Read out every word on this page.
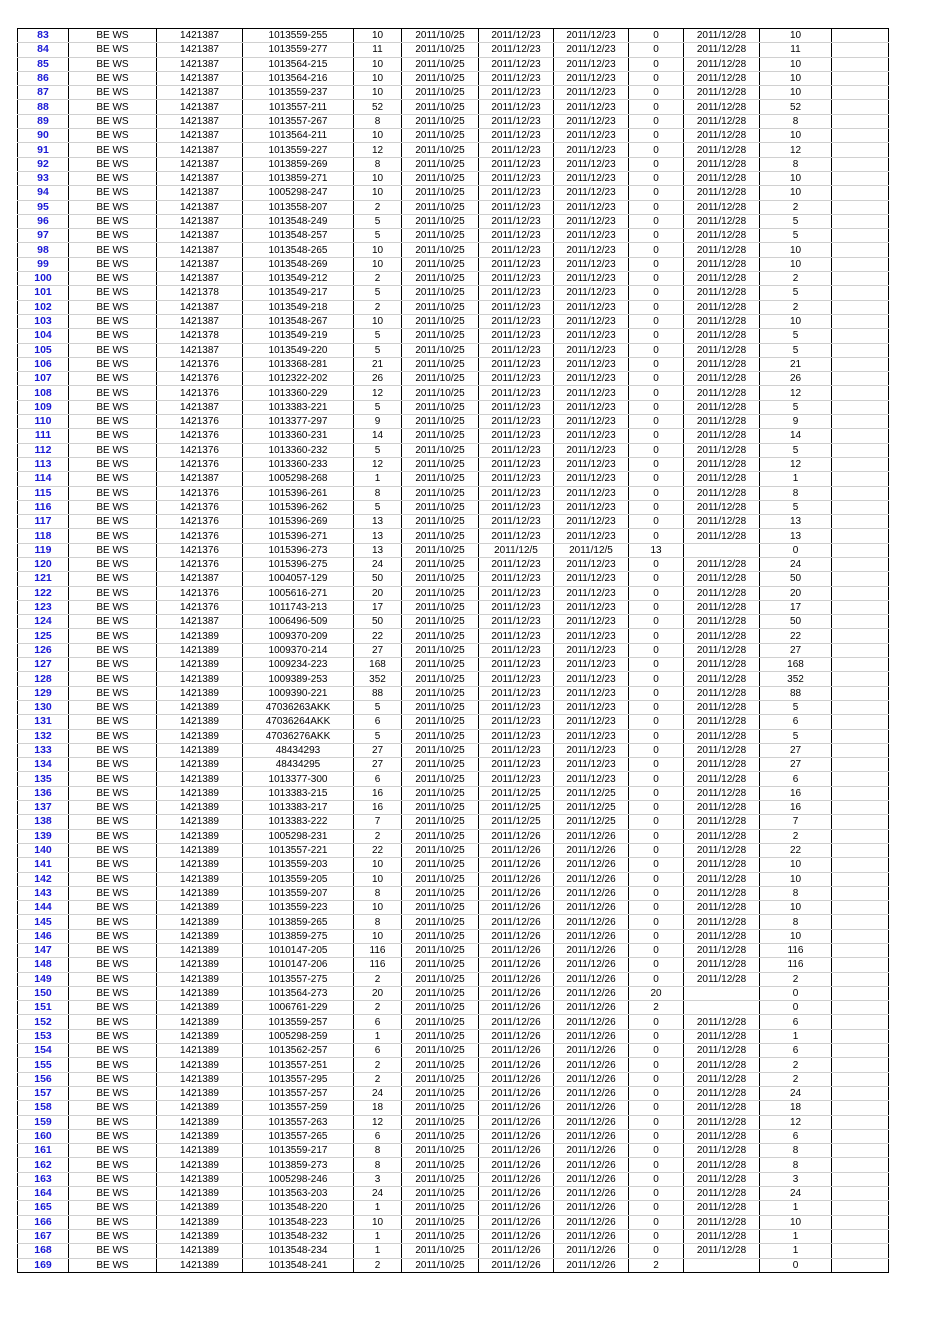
83	BE WS	1421387	1013559-255	10	2011/10/25	2011/12/23	2011/12/23	0	2011/12/28	10	
84	BE WS	1421387	1013559-277	11	2011/10/25	2011/12/23	2011/12/23	0	2011/12/28	11	
85	BE WS	1421387	1013564-215	10	2011/10/25	2011/12/23	2011/12/23	0	2011/12/28	10	
86	BE WS	1421387	1013564-216	10	2011/10/25	2011/12/23	2011/12/23	0	2011/12/28	10	
87	BE WS	1421387	1013559-237	10	2011/10/25	2011/12/23	2011/12/23	0	2011/12/28	10	
88	BE WS	1421387	1013557-211	52	2011/10/25	2011/12/23	2011/12/23	0	2011/12/28	52	
89	BE WS	1421387	1013557-267	8	2011/10/25	2011/12/23	2011/12/23	0	2011/12/28	8	
90	BE WS	1421387	1013564-211	10	2011/10/25	2011/12/23	2011/12/23	0	2011/12/28	10	
91	BE WS	1421387	1013559-227	12	2011/10/25	2011/12/23	2011/12/23	0	2011/12/28	12	
92	BE WS	1421387	1013859-269	8	2011/10/25	2011/12/23	2011/12/23	0	2011/12/28	8	
93	BE WS	1421387	1013859-271	10	2011/10/25	2011/12/23	2011/12/23	0	2011/12/28	10	
94	BE WS	1421387	1005298-247	10	2011/10/25	2011/12/23	2011/12/23	0	2011/12/28	10	
95	BE WS	1421387	1013558-207	2	2011/10/25	2011/12/23	2011/12/23	0	2011/12/28	2	
96	BE WS	1421387	1013548-249	5	2011/10/25	2011/12/23	2011/12/23	0	2011/12/28	5	
97	BE WS	1421387	1013548-257	5	2011/10/25	2011/12/23	2011/12/23	0	2011/12/28	5	
98	BE WS	1421387	1013548-265	10	2011/10/25	2011/12/23	2011/12/23	0	2011/12/28	10	
99	BE WS	1421387	1013548-269	10	2011/10/25	2011/12/23	2011/12/23	0	2011/12/28	10	
100	BE WS	1421387	1013549-212	2	2011/10/25	2011/12/23	2011/12/23	0	2011/12/28	2	
101	BE WS	1421378	1013549-217	5	2011/10/25	2011/12/23	2011/12/23	0	2011/12/28	5	
102	BE WS	1421387	1013549-218	2	2011/10/25	2011/12/23	2011/12/23	0	2011/12/28	2	
103	BE WS	1421387	1013548-267	10	2011/10/25	2011/12/23	2011/12/23	0	2011/12/28	10	
104	BE WS	1421378	1013549-219	5	2011/10/25	2011/12/23	2011/12/23	0	2011/12/28	5	
105	BE WS	1421387	1013549-220	5	2011/10/25	2011/12/23	2011/12/23	0	2011/12/28	5	
106	BE WS	1421376	1013368-281	21	2011/10/25	2011/12/23	2011/12/23	0	2011/12/28	21	
107	BE WS	1421376	1012322-202	26	2011/10/25	2011/12/23	2011/12/23	0	2011/12/28	26	
108	BE WS	1421376	1013360-229	12	2011/10/25	2011/12/23	2011/12/23	0	2011/12/28	12	
109	BE WS	1421387	1013383-221	5	2011/10/25	2011/12/23	2011/12/23	0	2011/12/28	5	
110	BE WS	1421376	1013377-297	9	2011/10/25	2011/12/23	2011/12/23	0	2011/12/28	9	
111	BE WS	1421376	1013360-231	14	2011/10/25	2011/12/23	2011/12/23	0	2011/12/28	14	
112	BE WS	1421376	1013360-232	5	2011/10/25	2011/12/23	2011/12/23	0	2011/12/28	5	
113	BE WS	1421376	1013360-233	12	2011/10/25	2011/12/23	2011/12/23	0	2011/12/28	12	
114	BE WS	1421387	1005298-268	1	2011/10/25	2011/12/23	2011/12/23	0	2011/12/28	1	
115	BE WS	1421376	1015396-261	8	2011/10/25	2011/12/23	2011/12/23	0	2011/12/28	8	
116	BE WS	1421376	1015396-262	5	2011/10/25	2011/12/23	2011/12/23	0	2011/12/28	5	
117	BE WS	1421376	1015396-269	13	2011/10/25	2011/12/23	2011/12/23	0	2011/12/28	13	
118	BE WS	1421376	1015396-271	13	2011/10/25	2011/12/23	2011/12/23	0	2011/12/28	13	
119	BE WS	1421376	1015396-273	13	2011/10/25	2011/12/5	2011/12/5	13		0	
120	BE WS	1421376	1015396-275	24	2011/10/25	2011/12/23	2011/12/23	0	2011/12/28	24	
121	BE WS	1421387	1004057-129	50	2011/10/25	2011/12/23	2011/12/23	0	2011/12/28	50	
122	BE WS	1421376	1005616-271	20	2011/10/25	2011/12/23	2011/12/23	0	2011/12/28	20	
123	BE WS	1421376	1011743-213	17	2011/10/25	2011/12/23	2011/12/23	0	2011/12/28	17	
124	BE WS	1421387	1006496-509	50	2011/10/25	2011/12/23	2011/12/23	0	2011/12/28	50	
125	BE WS	1421389	1009370-209	22	2011/10/25	2011/12/23	2011/12/23	0	2011/12/28	22	
126	BE WS	1421389	1009370-214	27	2011/10/25	2011/12/23	2011/12/23	0	2011/12/28	27	
127	BE WS	1421389	1009234-223	168	2011/10/25	2011/12/23	2011/12/23	0	2011/12/28	168	
128	BE WS	1421389	1009389-253	352	2011/10/25	2011/12/23	2011/12/23	0	2011/12/28	352	
129	BE WS	1421389	1009390-221	88	2011/10/25	2011/12/23	2011/12/23	0	2011/12/28	88	
130	BE WS	1421389	47036263AKK	5	2011/10/25	2011/12/23	2011/12/23	0	2011/12/28	5	
131	BE WS	1421389	47036264AKK	6	2011/10/25	2011/12/23	2011/12/23	0	2011/12/28	6	
132	BE WS	1421389	47036276AKK	5	2011/10/25	2011/12/23	2011/12/23	0	2011/12/28	5	
133	BE WS	1421389	48434293	27	2011/10/25	2011/12/23	2011/12/23	0	2011/12/28	27	
134	BE WS	1421389	48434295	27	2011/10/25	2011/12/23	2011/12/23	0	2011/12/28	27	
135	BE WS	1421389	1013377-300	6	2011/10/25	2011/12/23	2011/12/23	0	2011/12/28	6	
136	BE WS	1421389	1013383-215	16	2011/10/25	2011/12/25	2011/12/25	0	2011/12/28	16	
137	BE WS	1421389	1013383-217	16	2011/10/25	2011/12/25	2011/12/25	0	2011/12/28	16	
138	BE WS	1421389	1013383-222	7	2011/10/25	2011/12/25	2011/12/25	0	2011/12/28	7	
139	BE WS	1421389	1005298-231	2	2011/10/25	2011/12/26	2011/12/26	0	2011/12/28	2	
140	BE WS	1421389	1013557-221	22	2011/10/25	2011/12/26	2011/12/26	0	2011/12/28	22	
141	BE WS	1421389	1013559-203	10	2011/10/25	2011/12/26	2011/12/26	0	2011/12/28	10	
142	BE WS	1421389	1013559-205	10	2011/10/25	2011/12/26	2011/12/26	0	2011/12/28	10	
143	BE WS	1421389	1013559-207	8	2011/10/25	2011/12/26	2011/12/26	0	2011/12/28	8	
144	BE WS	1421389	1013559-223	10	2011/10/25	2011/12/26	2011/12/26	0	2011/12/28	10	
145	BE WS	1421389	1013859-265	8	2011/10/25	2011/12/26	2011/12/26	0	2011/12/28	8	
146	BE WS	1421389	1013859-275	10	2011/10/25	2011/12/26	2011/12/26	0	2011/12/28	10	
147	BE WS	1421389	1010147-205	116	2011/10/25	2011/12/26	2011/12/26	0	2011/12/28	116	
148	BE WS	1421389	1010147-206	116	2011/10/25	2011/12/26	2011/12/26	0	2011/12/28	116	
149	BE WS	1421389	1013557-275	2	2011/10/25	2011/12/26	2011/12/26	0	2011/12/28	2	
150	BE WS	1421389	1013564-273	20	2011/10/25	2011/12/26	2011/12/26	20		0	
151	BE WS	1421389	1006761-229	2	2011/10/25	2011/12/26	2011/12/26	2		0	
152	BE WS	1421389	1013559-257	6	2011/10/25	2011/12/26	2011/12/26	0	2011/12/28	6	
153	BE WS	1421389	1005298-259	1	2011/10/25	2011/12/26	2011/12/26	0	2011/12/28	1	
154	BE WS	1421389	1013562-257	6	2011/10/25	2011/12/26	2011/12/26	0	2011/12/28	6	
155	BE WS	1421389	1013557-251	2	2011/10/25	2011/12/26	2011/12/26	0	2011/12/28	2	
156	BE WS	1421389	1013557-295	2	2011/10/25	2011/12/26	2011/12/26	0	2011/12/28	2	
157	BE WS	1421389	1013557-257	24	2011/10/25	2011/12/26	2011/12/26	0	2011/12/28	24	
158	BE WS	1421389	1013557-259	18	2011/10/25	2011/12/26	2011/12/26	0	2011/12/28	18	
159	BE WS	1421389	1013557-263	12	2011/10/25	2011/12/26	2011/12/26	0	2011/12/28	12	
160	BE WS	1421389	1013557-265	6	2011/10/25	2011/12/26	2011/12/26	0	2011/12/28	6	
161	BE WS	1421389	1013559-217	8	2011/10/25	2011/12/26	2011/12/26	0	2011/12/28	8	
162	BE WS	1421389	1013859-273	8	2011/10/25	2011/12/26	2011/12/26	0	2011/12/28	8	
163	BE WS	1421389	1005298-246	3	2011/10/25	2011/12/26	2011/12/26	0	2011/12/28	3	
164	BE WS	1421389	1013563-203	24	2011/10/25	2011/12/26	2011/12/26	0	2011/12/28	24	
165	BE WS	1421389	1013548-220	1	2011/10/25	2011/12/26	2011/12/26	0	2011/12/28	1	
166	BE WS	1421389	1013548-223	10	2011/10/25	2011/12/26	2011/12/26	0	2011/12/28	10	
167	BE WS	1421389	1013548-232	1	2011/10/25	2011/12/26	2011/12/26	0	2011/12/28	1	
168	BE WS	1421389	1013548-234	1	2011/10/25	2011/12/26	2011/12/26	0	2011/12/28	1	
169	BE WS	1421389	1013548-241	2	2011/10/25	2011/12/26	2011/12/26	2		0	
